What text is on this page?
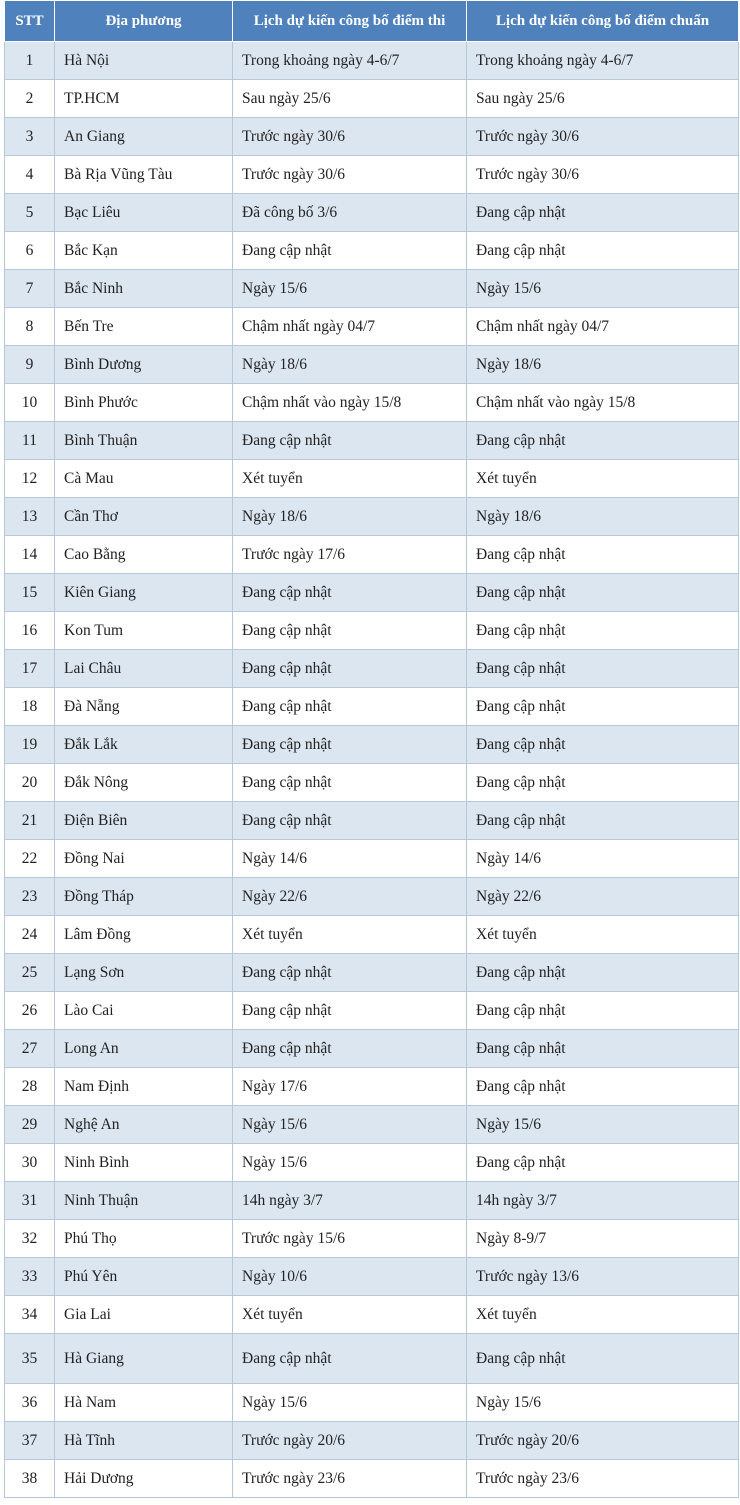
STT	Địa phương	Lịch dự kiến công bố điểm thi	Lịch dự kiến công bố điểm chuẩn
1	Hà Nội	Trong khoảng ngày 4-6/7	Trong khoảng ngày 4-6/7
2	TP.HCM	Sau ngày 25/6	Sau ngày 25/6
3	An Giang	Trước ngày 30/6	Trước ngày 30/6
4	Bà Rịa Vũng Tàu	Trước ngày 30/6	Trước ngày 30/6
5	Bạc Liêu	Đã công bố 3/6	Đang cập nhật
6	Bắc Kạn	Đang cập nhật	Đang cập nhật
7	Bắc Ninh	Ngày 15/6	Ngày 15/6
8	Bến Tre	Chậm nhất ngày 04/7	Chậm nhất ngày 04/7
9	Bình Dương	Ngày 18/6	Ngày 18/6
10	Bình Phước	Chậm nhất vào ngày 15/8	Chậm nhất vào ngày 15/8
11	Bình Thuận	Đang cập nhật	Đang cập nhật
12	Cà Mau	Xét tuyển	Xét tuyển
13	Cần Thơ	Ngày 18/6	Ngày 18/6
14	Cao Bằng	Trước ngày 17/6	Đang cập nhật
15	Kiên Giang	Đang cập nhật	Đang cập nhật
16	Kon Tum	Đang cập nhật	Đang cập nhật
17	Lai Châu	Đang cập nhật	Đang cập nhật
18	Đà Nẵng	Đang cập nhật	Đang cập nhật
19	Đắk Lắk	Đang cập nhật	Đang cập nhật
20	Đắk Nông	Đang cập nhật	Đang cập nhật
21	Điện Biên	Đang cập nhật	Đang cập nhật
22	Đồng Nai	Ngày 14/6	Ngày 14/6
23	Đồng Tháp	Ngày 22/6	Ngày 22/6
24	Lâm Đồng	Xét tuyển	Xét tuyển
25	Lạng Sơn	Đang cập nhật	Đang cập nhật
26	Lào Cai	Đang cập nhật	Đang cập nhật
27	Long An	Đang cập nhật	Đang cập nhật
28	Nam Định	Ngày 17/6	Đang cập nhật
29	Nghệ An	Ngày 15/6	Ngày 15/6
30	Ninh Bình	Ngày 15/6	Đang cập nhật
31	Ninh Thuận	14h ngày 3/7	14h ngày 3/7
32	Phú Thọ	Trước ngày 15/6	Ngày 8-9/7
33	Phú Yên	Ngày 10/6	Trước ngày 13/6
34	Gia Lai	Xét tuyển	Xét tuyển
35	Hà Giang	Đang cập nhật	Đang cập nhật
36	Hà Nam	Ngày 15/6	Ngày 15/6
37	Hà Tĩnh	Trước ngày 20/6	Trước ngày 20/6
38	Hải Dương	Trước ngày 23/6	Trước ngày 23/6
